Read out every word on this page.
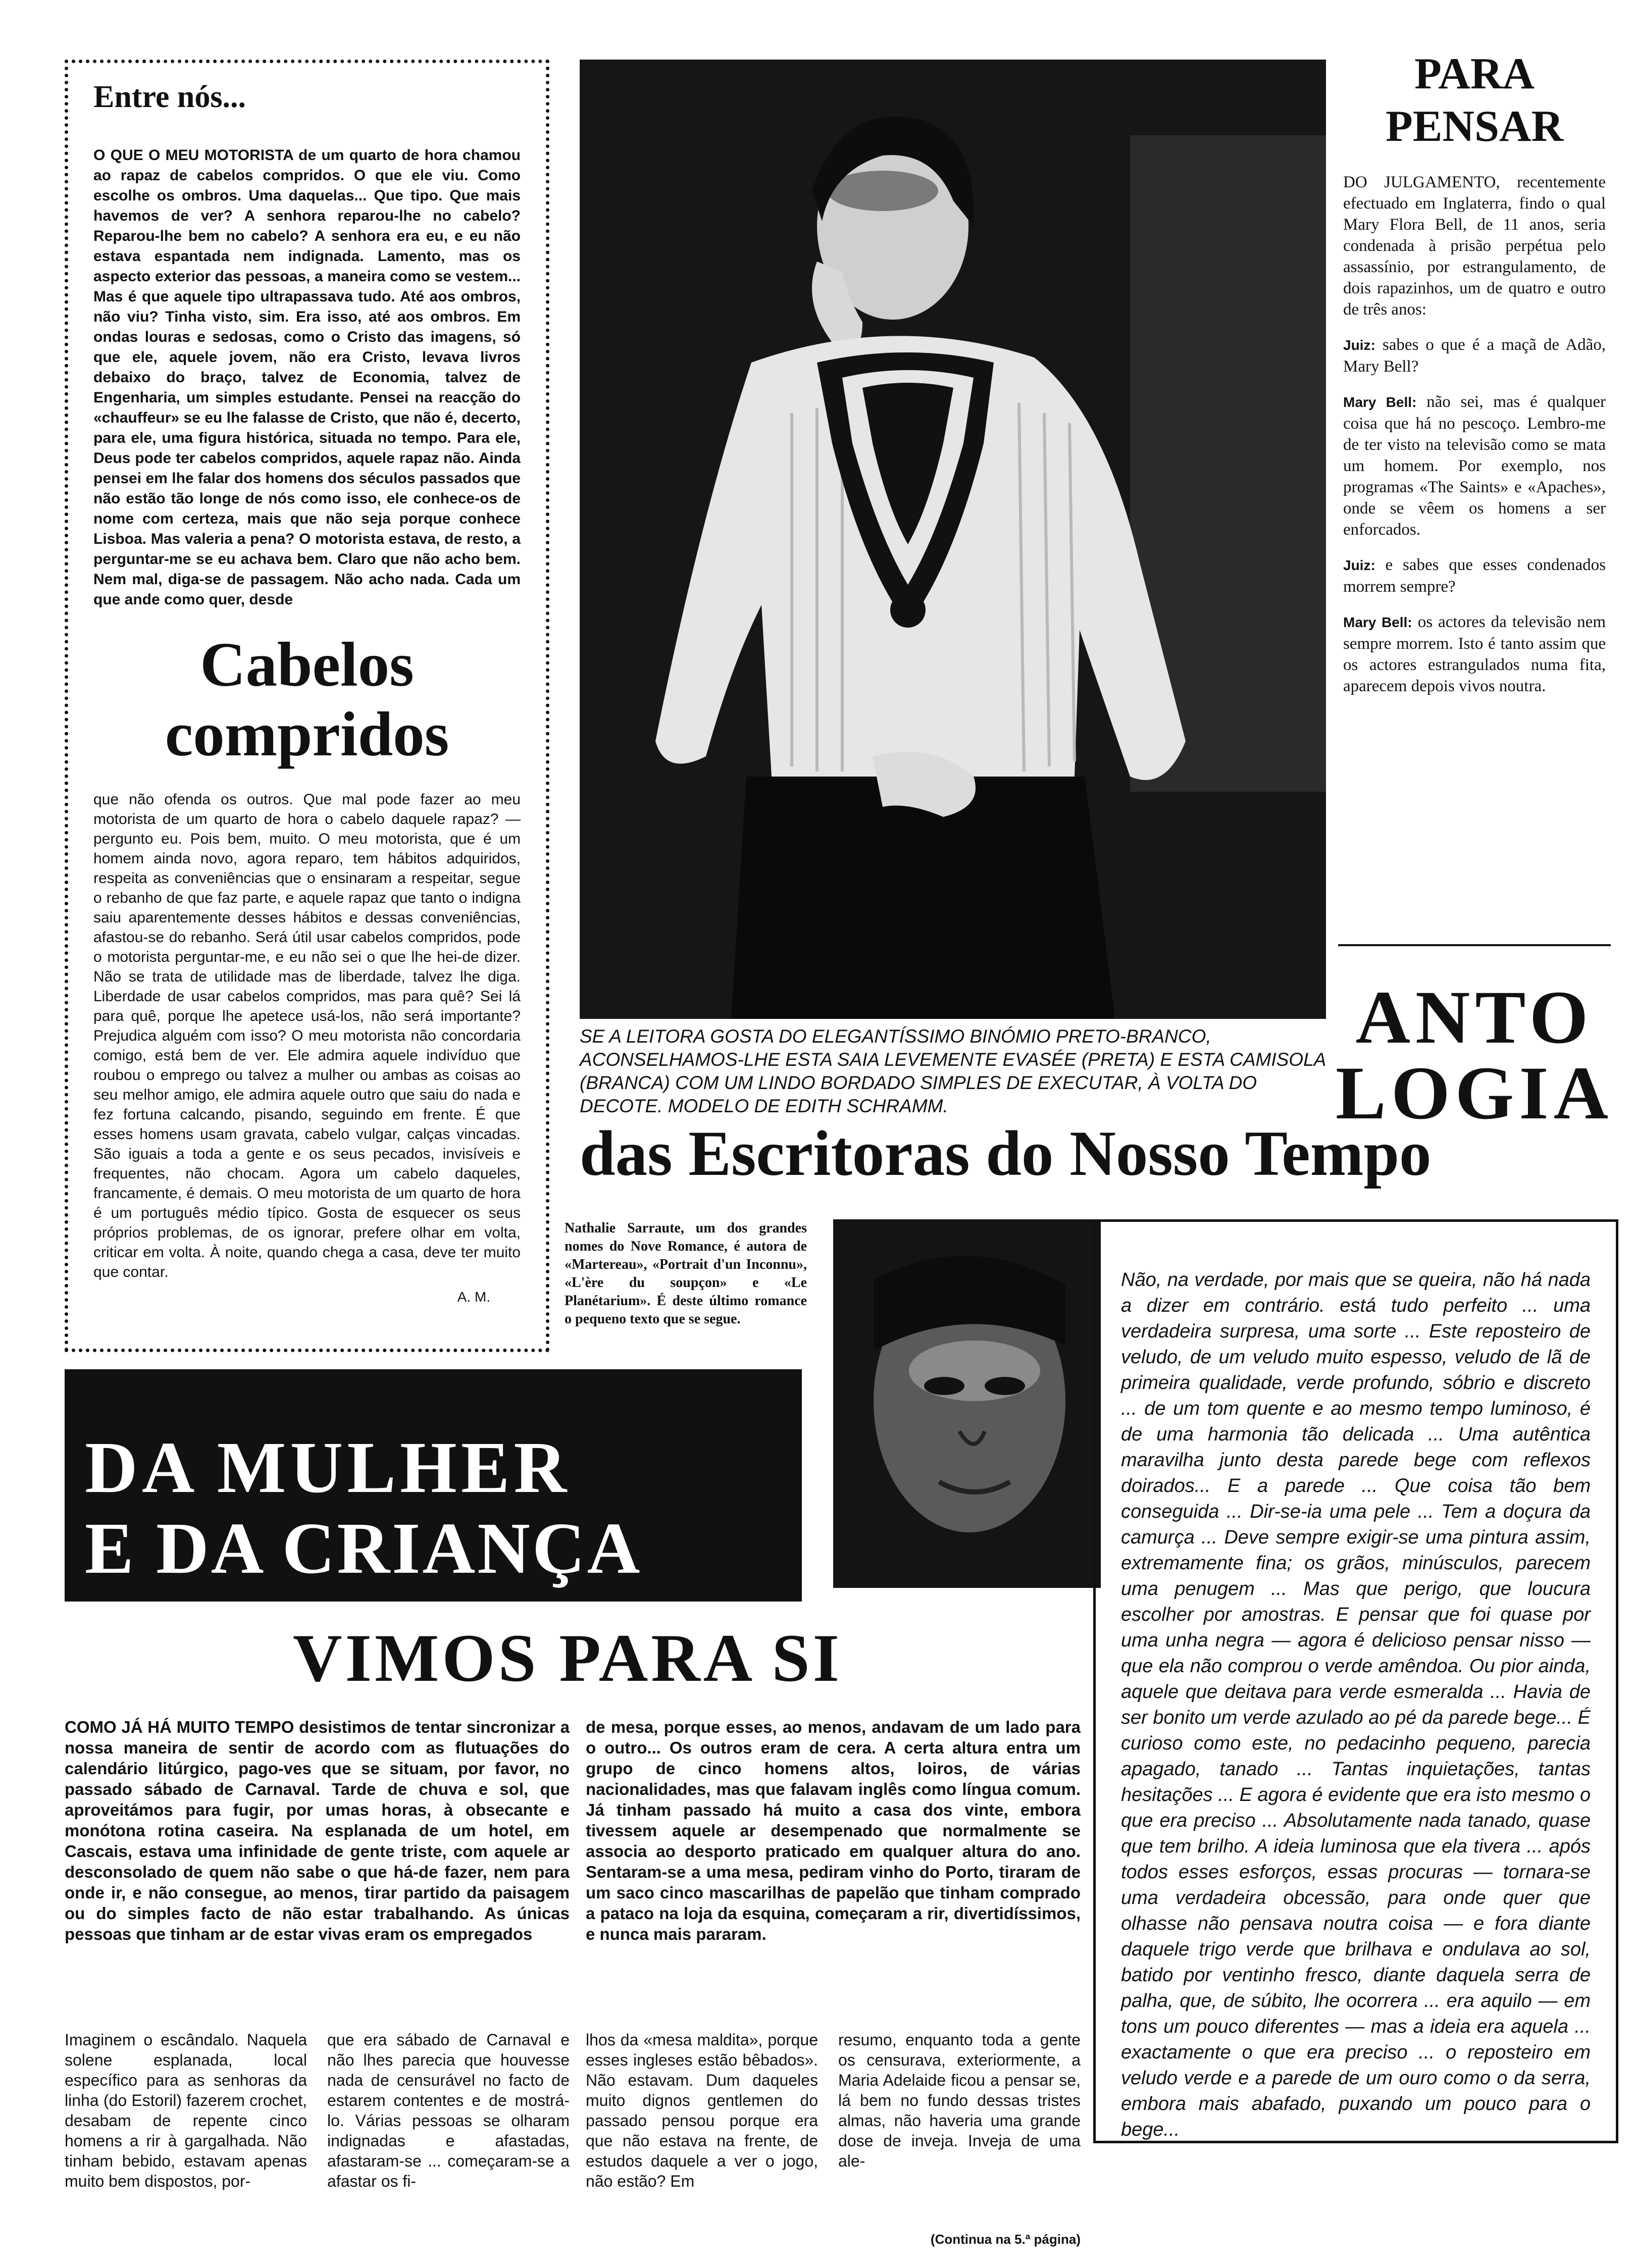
Entre nós...
O QUE O MEU MOTORISTA de um quarto de hora chamou ao rapaz de cabelos compridos. O que ele viu. Como escolhe os ombros. Uma daquelas... Que tipo. Que mais havemos de ver? A senhora reparou-lhe no cabelo? Reparou-lhe bem no cabelo? A senhora era eu, e eu não estava espantada nem indignada. Lamento, mas os aspecto exterior das pessoas, a maneira como se vestem... Mas é que aquele tipo ultrapassava tudo. Até aos ombros, não viu? Tinha visto, sim. Era isso, até aos ombros. Em ondas louras e sedosas, como o Cristo das imagens, só que ele, aquele jovem, não era Cristo, levava livros debaixo do braço, talvez de Economia, talvez de Engenharia, um simples estudante. Pensei na reacção do «chauffeur» se eu lhe falasse de Cristo, que não é, decerto, para ele, uma figura histórica, situada no tempo. Para ele, Deus pode ter cabelos compridos, aquele rapaz não. Ainda pensei em lhe falar dos homens dos séculos passados que não estão tão longe de nós como isso, ele conhece-os de nome com certeza, mais que não seja porque conhece Lisboa. Mas valeria a pena? O motorista estava, de resto, a perguntar-me se eu achava bem. Claro que não acho bem. Nem mal, diga-se de passagem. Não acho nada. Cada um que ande como quer, desde
Cabelos compridos
que não ofenda os outros. Que mal pode fazer ao meu motorista de um quarto de hora o cabelo daquele rapaz? — pergunto eu. Pois bem, muito. O meu motorista, que é um homem ainda novo, agora reparo, tem hábitos adquiridos, respeita as conveniências que o ensinaram a respeitar, segue o rebanho de que faz parte, e aquele rapaz que tanto o indigna saiu aparentemente desses hábitos e dessas conveniências, afastou-se do rebanho. Será útil usar cabelos compridos, pode o motorista perguntar-me, e eu não sei o que lhe hei-de dizer. Não se trata de utilidade mas de liberdade, talvez lhe diga. Liberdade de usar cabelos compridos, mas para quê? Sei lá para quê, porque lhe apetece usá-los, não será importante? Prejudica alguém com isso? O meu motorista não concordaria comigo, está bem de ver. Ele admira aquele indivíduo que roubou o emprego ou talvez a mulher ou ambas as coisas ao seu melhor amigo, ele admira aquele outro que saiu do nada e fez fortuna calcando, pisando, seguindo em frente. É que esses homens usam gravata, cabelo vulgar, calças vincadas. São iguais a toda a gente e os seus pecados, invisíveis e frequentes, não chocam. Agora um cabelo daqueles, francamente, é demais. O meu motorista de um quarto de hora é um português médio típico. Gosta de esquecer os seus próprios problemas, de os ignorar, prefere olhar em volta, criticar em volta. À noite, quando chega a casa, deve ter muito que contar.
A. M.
SE A LEITORA GOSTA DO ELEGANTÍSSIMO BINÓMIO PRETO-BRANCO, ACONSELHAMOS-LHE ESTA SAIA LEVEMENTE EVASÉE (PRETA) E ESTA CAMISOLA (BRANCA) COM UM LINDO BORDADO SIMPLES DE EXECUTAR, À VOLTA DO DECOTE. MODELO DE EDITH SCHRAMM.
PARA
PENSAR

DO JULGAMENTO, recentemente efectuado em Inglaterra, findo o qual Mary Flora Bell, de 11 anos, seria condenada à prisão perpétua pelo assassínio, por estrangulamento, de dois rapazinhos, um de quatro e outro de três anos:

Juiz: sabes o que é a maçã de Adão, Mary Bell?

Mary Bell: não sei, mas é qualquer coisa que há no pescoço. Lembro-me de ter visto na televisão como se mata um homem. Por exemplo, nos programas «The Saints» e «Apaches», onde se vêem os homens a ser enforcados.

Juiz: e sabes que esses condenados morrem sempre?

Mary Bell: os actores da televisão nem sempre morrem. Isto é tanto assim que os actores estrangulados numa fita, aparecem depois vivos noutra.

ANTO
LOGIA
das Escritoras do Nosso Tempo
Nathalie Sarraute, um dos grandes nomes do Nove Romance, é autora de «Martereau», «Portrait d'un Inconnu», «L'ère du soupçon» e «Le Planétarium». É deste último romance o pequeno texto que se segue.
Não, na verdade, por mais que se queira, não há nada a dizer em contrário. está tudo perfeito ... uma verdadeira surpresa, uma sorte ... Este reposteiro de veludo, de um veludo muito espesso, veludo de lã de primeira qualidade, verde profundo, sóbrio e discreto ... de um tom quente e ao mesmo tempo luminoso, é de uma harmonia tão delicada ... Uma autêntica maravilha junto desta parede bege com reflexos doirados... E a parede ... Que coisa tão bem conseguida ... Dir-se-ia uma pele ... Tem a doçura da camurça ... Deve sempre exigir-se uma pintura assim, extremamente fina; os grãos, minúsculos, parecem uma penugem ... Mas que perigo, que loucura escolher por amostras. E pensar que foi quase por uma unha negra — agora é delicioso pensar nisso — que ela não comprou o verde amêndoa. Ou pior ainda, aquele que deitava para verde esmeralda ... Havia de ser bonito um verde azulado ao pé da parede bege... É curioso como este, no pedacinho pequeno, parecia apagado, tanado ... Tantas inquietações, tantas hesitações ... E agora é evidente que era isto mesmo o que era preciso ... Absolutamente nada tanado, quase que tem brilho. A ideia luminosa que ela tivera ... após todos esses esforços, essas procuras — tornara-se uma verdadeira obcessão, para onde quer que olhasse não pensava noutra coisa — e fora diante daquele trigo verde que brilhava e ondulava ao sol, batido por ventinho fresco, diante daquela serra de palha, que, de súbito, lhe ocorrera ... era aquilo — em tons um pouco diferentes — mas a ideia era aquela ... exactamente o que era preciso ... o reposteiro em veludo verde e a parede de um ouro como o da serra, embora mais abafado, puxando um pouco para o bege...
DA MULHER
E DA CRIANÇA
VIMOS PARA SI
COMO JÁ HÁ MUITO TEMPO desistimos de tentar sincronizar a nossa maneira de sentir de acordo com as flutuações do calendário litúrgico, pago-ves que se situam, por favor, no passado sábado de Carnaval. Tarde de chuva e sol, que aproveitámos para fugir, por umas horas, à obsecante e monótona rotina caseira. Na esplanada de um hotel, em Cascais, estava uma infinidade de gente triste, com aquele ar desconsolado de quem não sabe o que há-de fazer, nem para onde ir, e não consegue, ao menos, tirar partido da paisagem ou do simples facto de não estar trabalhando. As únicas pessoas que tinham ar de estar vivas eram os empregados
de mesa, porque esses, ao menos, andavam de um lado para o outro... Os outros eram de cera. A certa altura entra um grupo de cinco homens altos, loiros, de várias nacionalidades, mas que falavam inglês como língua comum. Já tinham passado há muito a casa dos vinte, embora tivessem aquele ar desempenado que normalmente se associa ao desporto praticado em qualquer altura do ano. Sentaram-se a uma mesa, pediram vinho do Porto, tiraram de um saco cinco mascarilhas de papelão que tinham comprado a pataco na loja da esquina, começaram a rir, divertidíssimos, e nunca mais pararam.
Imaginem o escândalo. Naquela solene esplanada, local específico para as senhoras da linha (do Estoril) fazerem crochet, desabam de repente cinco homens a rir à gargalhada. Não tinham bebido, estavam apenas muito bem dispostos, por-
que era sábado de Carnaval e não lhes parecia que houvesse nada de censurável no facto de estarem contentes e de mostrá-lo. Várias pessoas se olharam indignadas e afastadas, afastaram-se ... começaram-se a afastar os fi-
lhos da «mesa maldita», porque esses ingleses estão bêbados». Não estavam. Dum daqueles muito dignos gentlemen do passado pensou porque era que não estava na frente, de estudos daquele a ver o jogo, não estão? Em
resumo, enquanto toda a gente os censurava, exteriormente, a Maria Adelaide ficou a pensar se, lá bem no fundo dessas tristes almas, não haveria uma grande dose de inveja. Inveja de uma ale-
(Continua na 5.ª página)
